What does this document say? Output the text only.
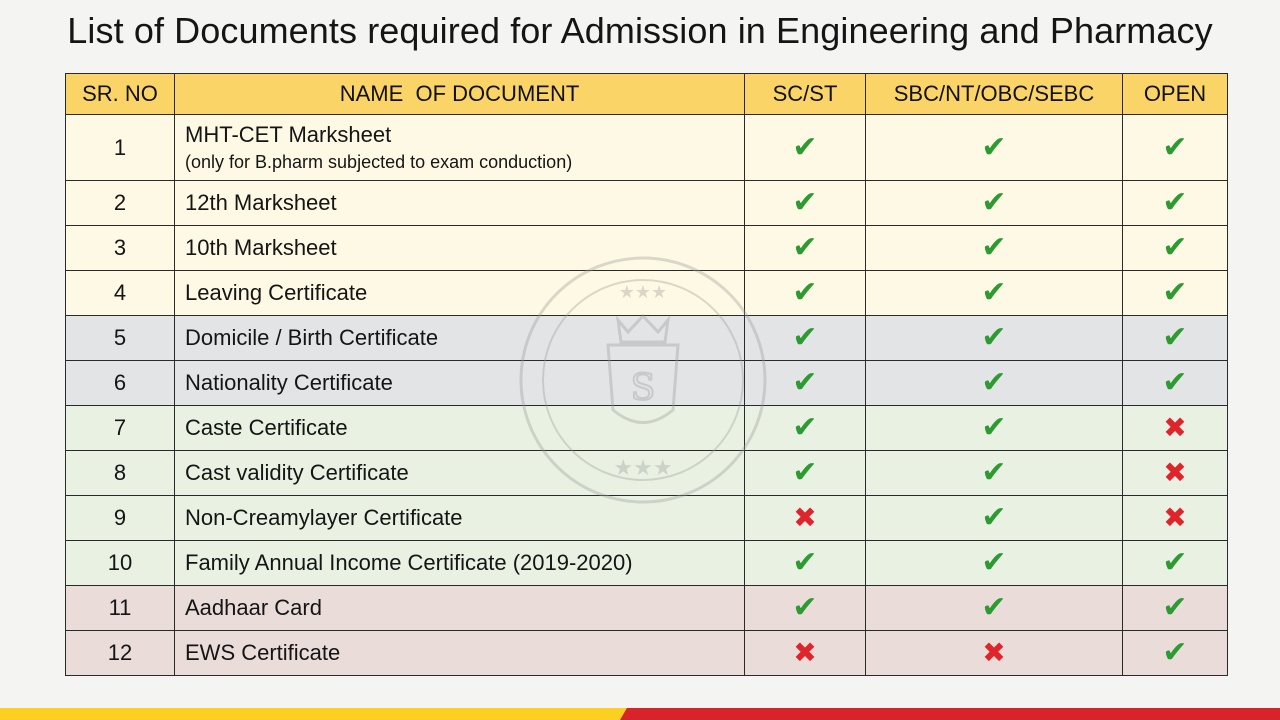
List of Documents required for Admission in Engineering and Pharmacy
SR. NO	NAME  OF DOCUMENT	SC/ST	SBC/NT/OBC/SEBC	OPEN
1	MHT-CET Marksheet
(only for B.pharm subjected to exam conduction)	✔	✔	✔
2	12th Marksheet	✔	✔	✔
3	10th Marksheet	✔	✔	✔
4	Leaving Certificate	✔	✔	✔
5	Domicile / Birth Certificate	✔	✔	✔
6	Nationality Certificate	✔	✔	✔
7	Caste Certificate	✔	✔	✖
8	Cast validity Certificate	✔	✔	✖
9	Non-Creamylayer Certificate	✖	✔	✖
10	Family Annual Income Certificate (2019-2020)	✔	✔	✔
11	Aadhaar Card	✔	✔	✔
12	EWS Certificate	✖	✖	✔
S
★★★
★★★
